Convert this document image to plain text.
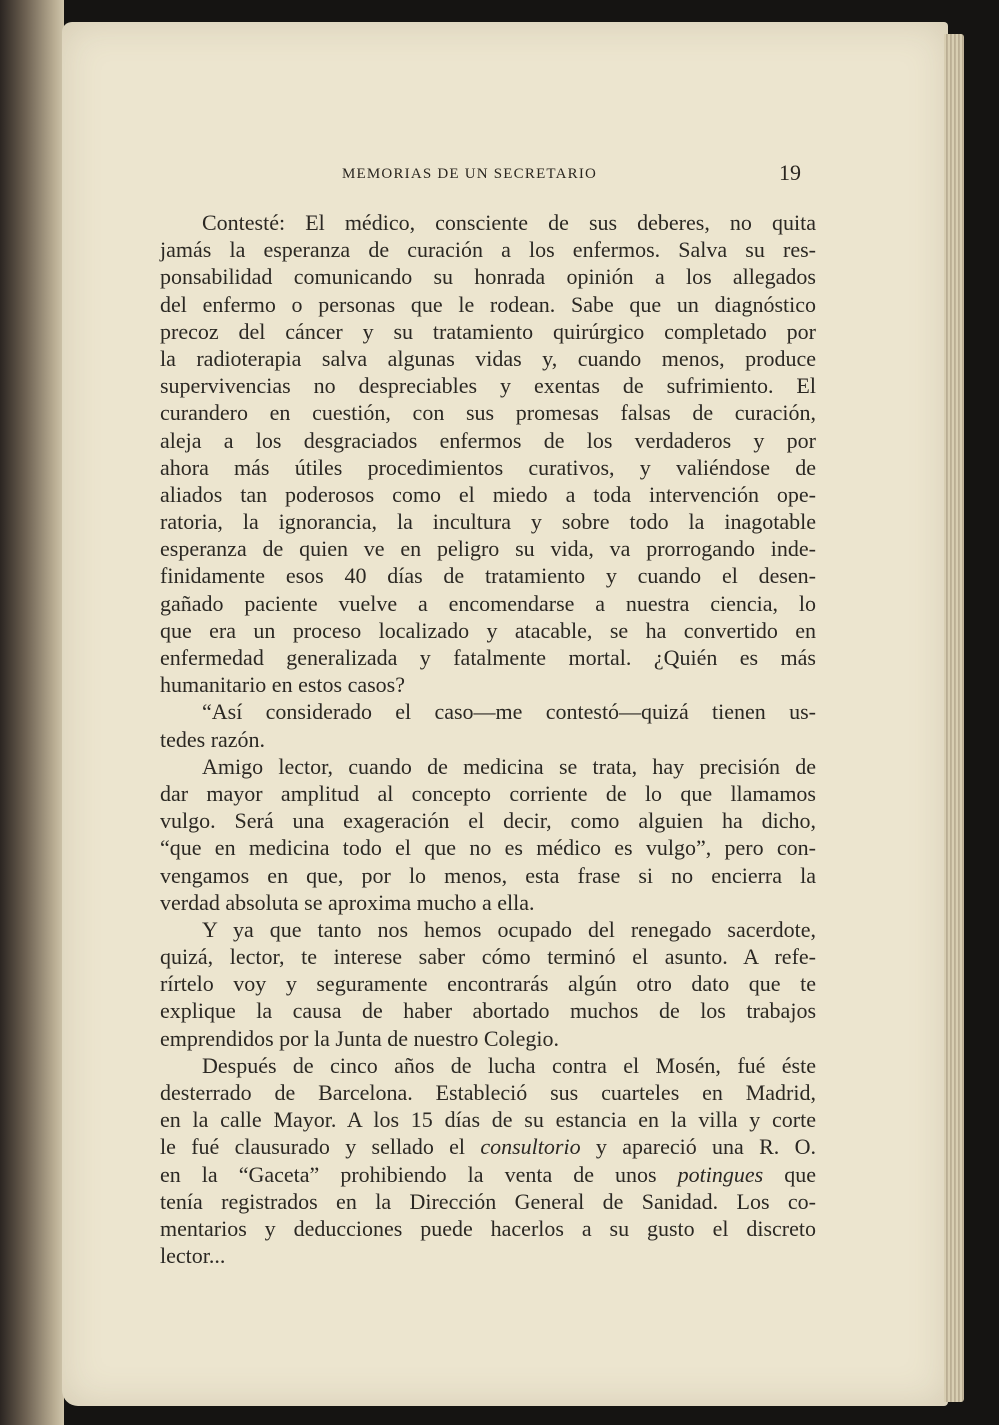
MEMORIAS DE UN SECRETARIO	19
Contesté: El médico, consciente de sus deberes, no quita
jamás la esperanza de curación a los enfermos. Salva su res-
ponsabilidad comunicando su honrada opinión a los allegados
del enfermo o personas que le rodean. Sabe que un diagnóstico
precoz del cáncer y su tratamiento quirúrgico completado por
la radioterapia salva algunas vidas y, cuando menos, produce
supervivencias no despreciables y exentas de sufrimiento. El
curandero en cuestión, con sus promesas falsas de curación,
aleja a los desgraciados enfermos de los verdaderos y por
ahora más útiles procedimientos curativos, y valiéndose de
aliados tan poderosos como el miedo a toda intervención ope-
ratoria, la ignorancia, la incultura y sobre todo la inagotable
esperanza de quien ve en peligro su vida, va prorrogando inde-
finidamente esos 40 días de tratamiento y cuando el desen-
gañado paciente vuelve a encomendarse a nuestra ciencia, lo
que era un proceso localizado y atacable, se ha convertido en
enfermedad generalizada y fatalmente mortal. ¿Quién es más
humanitario en estos casos?
“Así considerado el caso—me contestó—quizá tienen us-
tedes razón.
Amigo lector, cuando de medicina se trata, hay precisión de
dar mayor amplitud al concepto corriente de lo que llamamos
vulgo. Será una exageración el decir, como alguien ha dicho,
“que en medicina todo el que no es médico es vulgo”, pero con-
vengamos en que, por lo menos, esta frase si no encierra la
verdad absoluta se aproxima mucho a ella.
Y ya que tanto nos hemos ocupado del renegado sacerdote,
quizá, lector, te interese saber cómo terminó el asunto. A refe-
rírtelo voy y seguramente encontrarás algún otro dato que te
explique la causa de haber abortado muchos de los trabajos
emprendidos por la Junta de nuestro Colegio.
Después de cinco años de lucha contra el Mosén, fué éste
desterrado de Barcelona. Estableció sus cuarteles en Madrid,
en la calle Mayor. A los 15 días de su estancia en la villa y corte
le fué clausurado y sellado el consultorio y apareció una R. O.
en la “Gaceta” prohibiendo la venta de unos potingues que
tenía registrados en la Dirección General de Sanidad. Los co-
mentarios y deducciones puede hacerlos a su gusto el discreto
lector...
